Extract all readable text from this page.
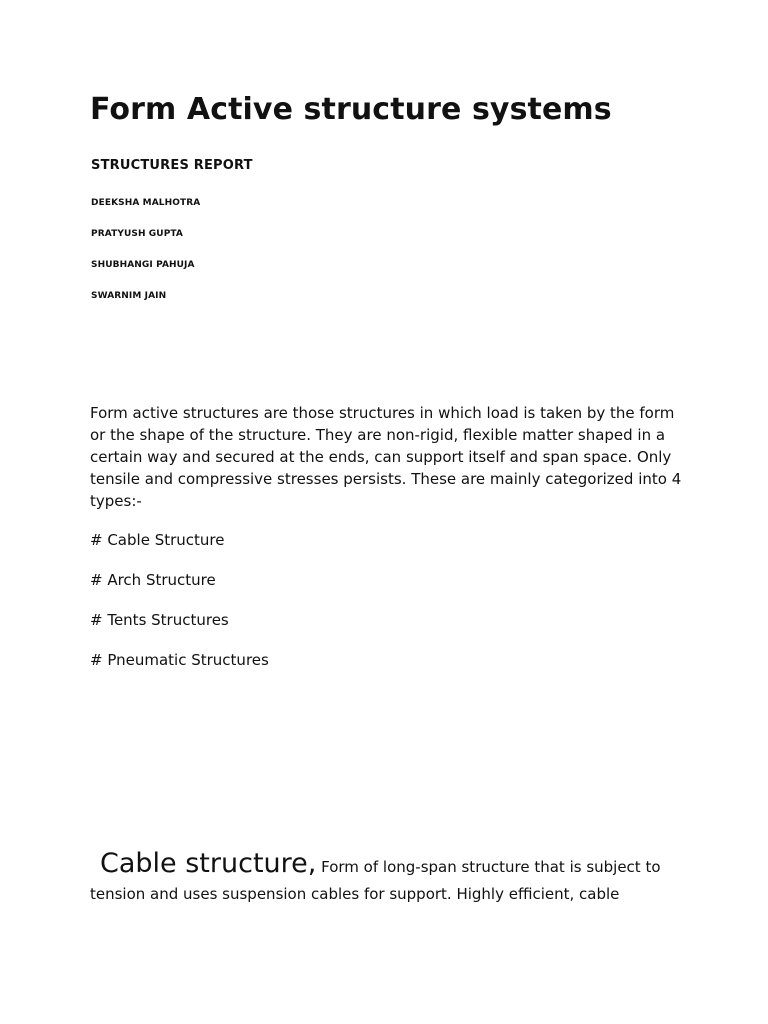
Form Active structure systems
STRUCTURES REPORT
DEEKSHA MALHOTRA
PRATYUSH GUPTA
SHUBHANGI PAHUJA
SWARNIM JAIN

Form active structures are those structures in which load is taken by the form or the shape of the structure. They are non-rigid, flexible matter shaped in a certain way and secured at the ends, can support itself and span space. Only tensile and compressive stresses persists. These are mainly categorized into 4 types:-

# Cable Structure
# Arch Structure
# Tents Structures
# Pneumatic Structures

Cable structure, Form of long-span structure that is subject to tension and uses suspension cables for support. Highly efficient, cable
